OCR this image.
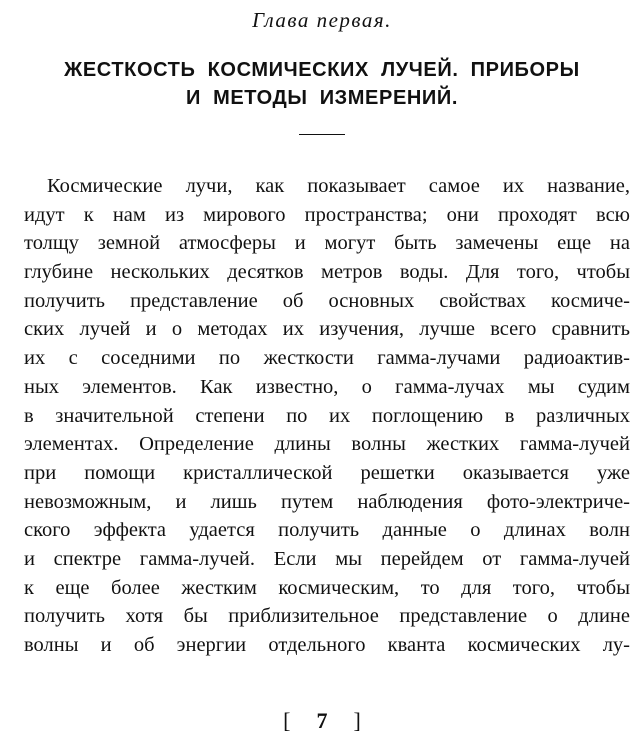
Глава первая.
ЖЕСТКОСТЬ КОСМИЧЕСКИХ ЛУЧЕЙ. ПРИБОРЫ
И МЕТОДЫ ИЗМЕРЕНИЙ.
Космические лучи, как показывает самое их название,
идут к нам из мирового пространства; они проходят всю
толщу земной атмосферы и могут быть замечены еще на
глубине нескольких десятков метров воды. Для того, чтобы
получить представление об основных свойствах космиче-
ских лучей и о методах их изучения, лучше всего сравнить
их с соседними по жесткости гамма-лучами радиоактив-
ных элементов. Как известно, о гамма-лучах мы судим
в значительной степени по их поглощению в различных
элементах. Определение длины волны жестких гамма-лучей
при помощи кристаллической решетки оказывается уже
невозможным, и лишь путем наблюдения фото-электриче-
ского эффекта удается получить данные о длинах волн
и спектре гамма-лучей. Если мы перейдем от гамма-лучей
к еще более жестким космическим, то для того, чтобы
получить хотя бы приблизительное представление о длине
волны и об энергии отдельного кванта космических лу-
[ 7 ]
